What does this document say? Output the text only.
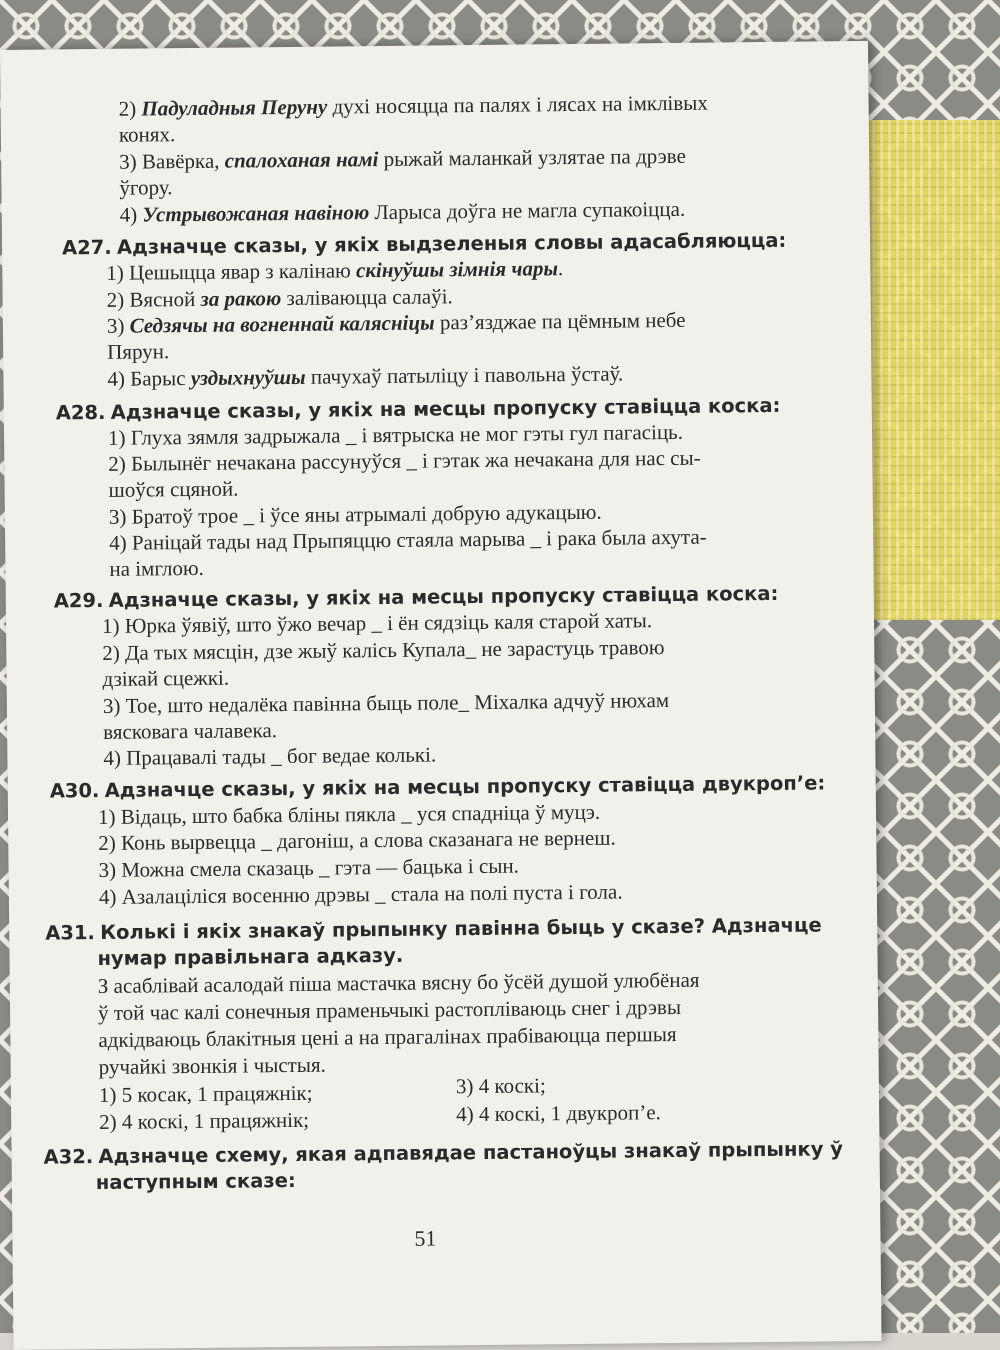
2) Падуладныя Перуну духі носяцца па палях і лясах на імклівых
конях.
3) Вавёрка, спалоханая намі рыжай маланкай узлятае па дрэве
ўгору.
4) Устрывожаная навіною Ларыса доўга не магла супакоіцца.
А27. Адзначце сказы, у якіх выдзеленыя словы адасабляюцца:
1) Цешыцца явар з калінаю скінуўшы зімнія чары.
2) Вясной за ракою заліваюцца салаўі.
3) Седзячы на вогненнай калясніцы раз’язджае па цёмным небе
Пярун.
4) Барыс уздыхнуўшы пачухаў патыліцу і павольна ўстаў.
А28. Адзначце сказы, у якіх на месцы пропуску ставіцца коска:
1) Глуха зямля задрыжала _ і вятрыска не мог гэты гул пагасіць.
2) Былынёг нечакана рассунуўся _ і гэтак жа нечакана для нас сы-
шоўся сцяной.
3) Братоў трое _ і ўсе яны атрымалі добрую адукацыю.
4) Раніцай тады над Прыпяццю стаяла марыва _ і рака была ахута-
на імглою.
А29. Адзначце сказы, у якіх на месцы пропуску ставіцца коска:
1) Юрка ўявіў, што ўжо вечар _ і ён сядзіць каля старой хаты.
2) Да тых мясцін, дзе жыў калісь Купала_ не зарастуць травою
дзікай сцежкі.
3) Тое, што недалёка павінна быць поле_ Міхалка адчуў нюхам
вясковага чалавека.
4) Працавалі тады _ бог ведае колькі.
А30. Адзначце сказы, у якіх на месцы пропуску ставіцца двукроп’е:
1) Відаць, што бабка бліны пякла _ уся спадніца ў муцэ.
2) Конь вырвецца _ дагоніш, а слова сказанага не вернеш.
3) Можна смела сказаць _ гэта — бацька і сын.
4) Азалаціліся восенню дрэвы _ стала на полі пуста і гола.
А31. Колькі і якіх знакаў прыпынку павінна быць у сказе? Адзначце
нумар правільнага адказу.
З асаблівай асалодай піша мастачка вясну бо ўсёй душой улюбёная
ў той час калі сонечныя праменьчыкі растопліваюць снег і дрэвы
адкідваюць блакітныя цені а на прагалінах прабіваюцца першыя
ручайкі звонкія і чыстыя.
1) 5 косак, 1 працяжнік;
2) 4 коскі, 1 працяжнік;
3) 4 коскі;
4) 4 коскі, 1 двукроп’е.
А32. Адзначце схему, якая адпавядае пастаноўцы знакаў прыпынку ў
наступным сказе:
51
